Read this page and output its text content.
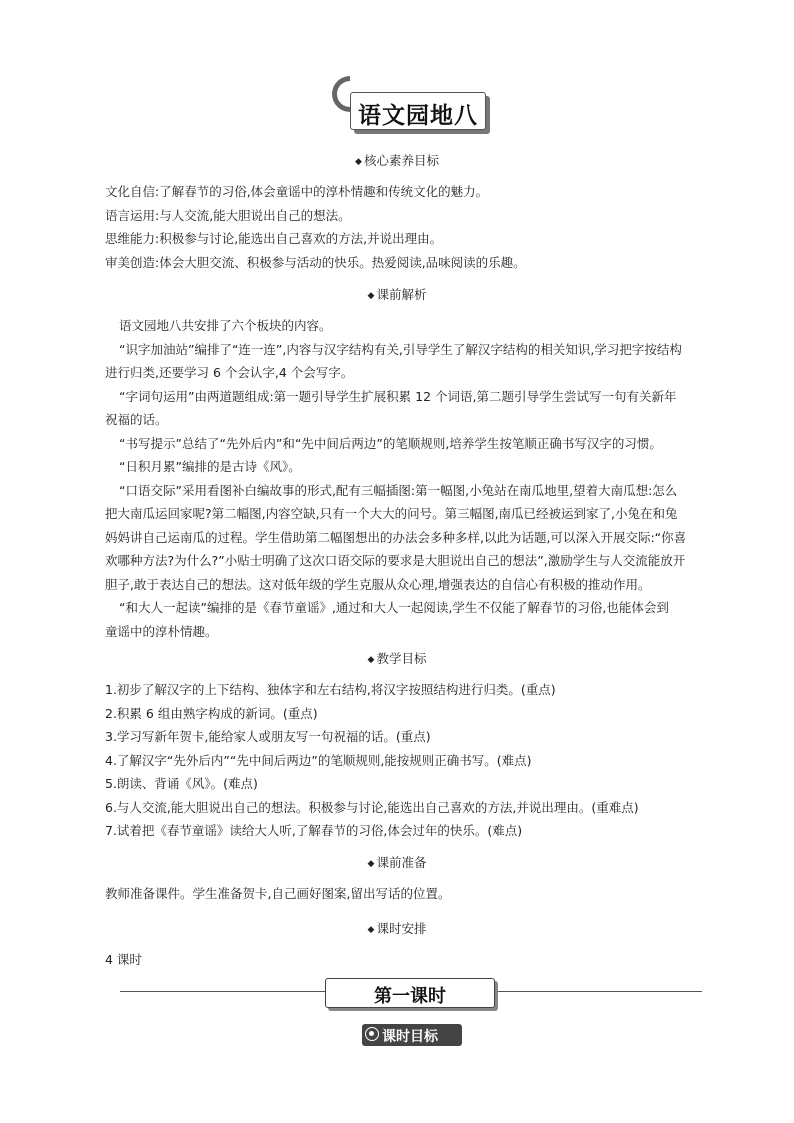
语文园地八
◆ 核心素养目标
文化自信:了解春节的习俗,体会童谣中的淳朴情趣和传统文化的魅力。
语言运用:与人交流,能大胆说出自己的想法。
思维能力:积极参与讨论,能选出自己喜欢的方法,并说出理由。
审美创造:体会大胆交流、积极参与活动的快乐。热爱阅读,品味阅读的乐趣。
◆ 课前解析
语文园地八共安排了六个板块的内容。
“识字加油站”编排了“连一连”,内容与汉字结构有关,引导学生了解汉字结构的相关知识,学习把字按结构
进行归类,还要学习 6 个会认字,4 个会写字。
“字词句运用”由两道题组成:第一题引导学生扩展积累 12 个词语,第二题引导学生尝试写一句有关新年
祝福的话。
“书写提示”总结了“先外后内”和“先中间后两边”的笔顺规则,培养学生按笔顺正确书写汉字的习惯。
“日积月累”编排的是古诗《风》。
“口语交际”采用看图补白编故事的形式,配有三幅插图:第一幅图,小兔站在南瓜地里,望着大南瓜想:怎么
把大南瓜运回家呢?第二幅图,内容空缺,只有一个大大的问号。第三幅图,南瓜已经被运到家了,小兔在和兔
妈妈讲自己运南瓜的过程。学生借助第二幅图想出的办法会多种多样,以此为话题,可以深入开展交际:“你喜
欢哪种方法?为什么?”小贴士明确了这次口语交际的要求是大胆说出自己的想法”,激励学生与人交流能放开
胆子,敢于表达自己的想法。这对低年级的学生克服从众心理,增强表达的自信心有积极的推动作用。
“和大人一起读”编排的是《春节童谣》,通过和大人一起阅读,学生不仅能了解春节的习俗,也能体会到
童谣中的淳朴情趣。
◆ 教学目标
1.初步了解汉字的上下结构、独体字和左右结构,将汉字按照结构进行归类。(重点)
2.积累 6 组由熟字构成的新词。(重点)
3.学习写新年贺卡,能给家人或朋友写一句祝福的话。(重点)
4.了解汉字“先外后内”“先中间后两边”的笔顺规则,能按规则正确书写。(难点)
5.朗读、背诵《风》。(难点)
6.与人交流,能大胆说出自己的想法。积极参与讨论,能选出自己喜欢的方法,并说出理由。(重难点)
7.试着把《春节童谣》读给大人听,了解春节的习俗,体会过年的快乐。(难点)
◆ 课前准备
教师准备课件。学生准备贺卡,自己画好图案,留出写话的位置。
◆ 课时安排
4 课时
第一课时
课时目标
